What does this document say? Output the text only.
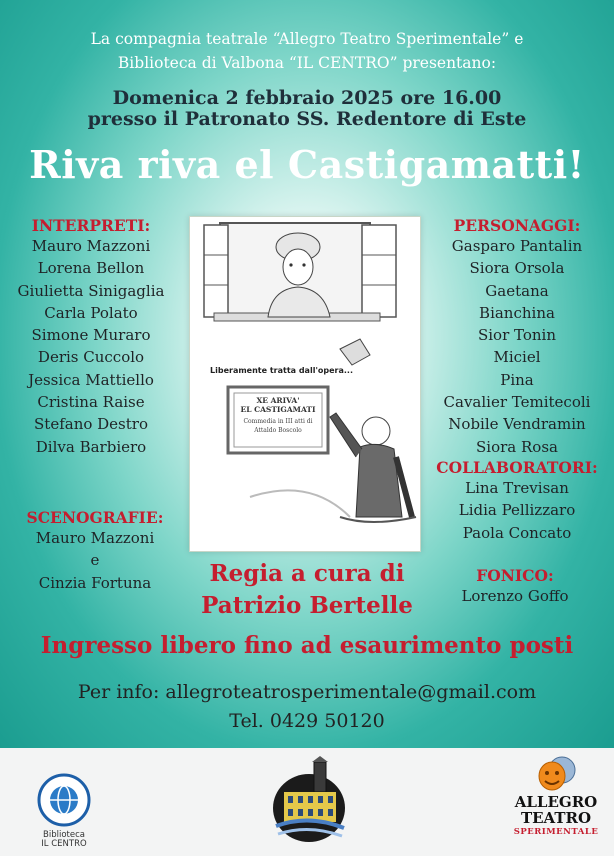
La compagnia teatrale “Allegro Teatro Sperimentale” e
Biblioteca di Valbona “IL CENTRO” presentano:
Domenica 2 febbraio 2025 ore 16.00
presso il Patronato SS. Redentore di Este
Riva riva el Castigamatti!
INTERPRETI:
Mauro Mazzoni
Lorena Bellon
Giulietta Sinigaglia
Carla Polato
Simone Muraro
Deris Cuccolo
Jessica Mattiello
Cristina Raise
Stefano Destro
Dilva Barbiero
SCENOGRAFIE:
Mauro Mazzoni
e
Cinzia Fortuna
PERSONAGGI:
Gasparo Pantalin
Siora Orsola
Gaetana
Bianchina
Sior Tonin
Miciel
Pina
Cavalier Temitecoli
Nobile Vendramin
Siora Rosa
COLLABORATORI:
Lina Trevisan
Lidia Pellizzaro
Paola Concato
FONICO:
Lorenzo Goffo
Liberamente tratta dall'opera...
XE ARIVA'
EL CASTIGAMATI
Commedia in III atti di
Attaldo Boscolo
Regia a cura di
Patrizio Bertelle
Ingresso libero fino ad esaurimento posti
Per info: allegroteatrosperimentale@gmail.com
Tel. 0429 50120
Biblioteca
IL CENTRO
ALLEGRO
TEATRO
SPERIMENTALE
